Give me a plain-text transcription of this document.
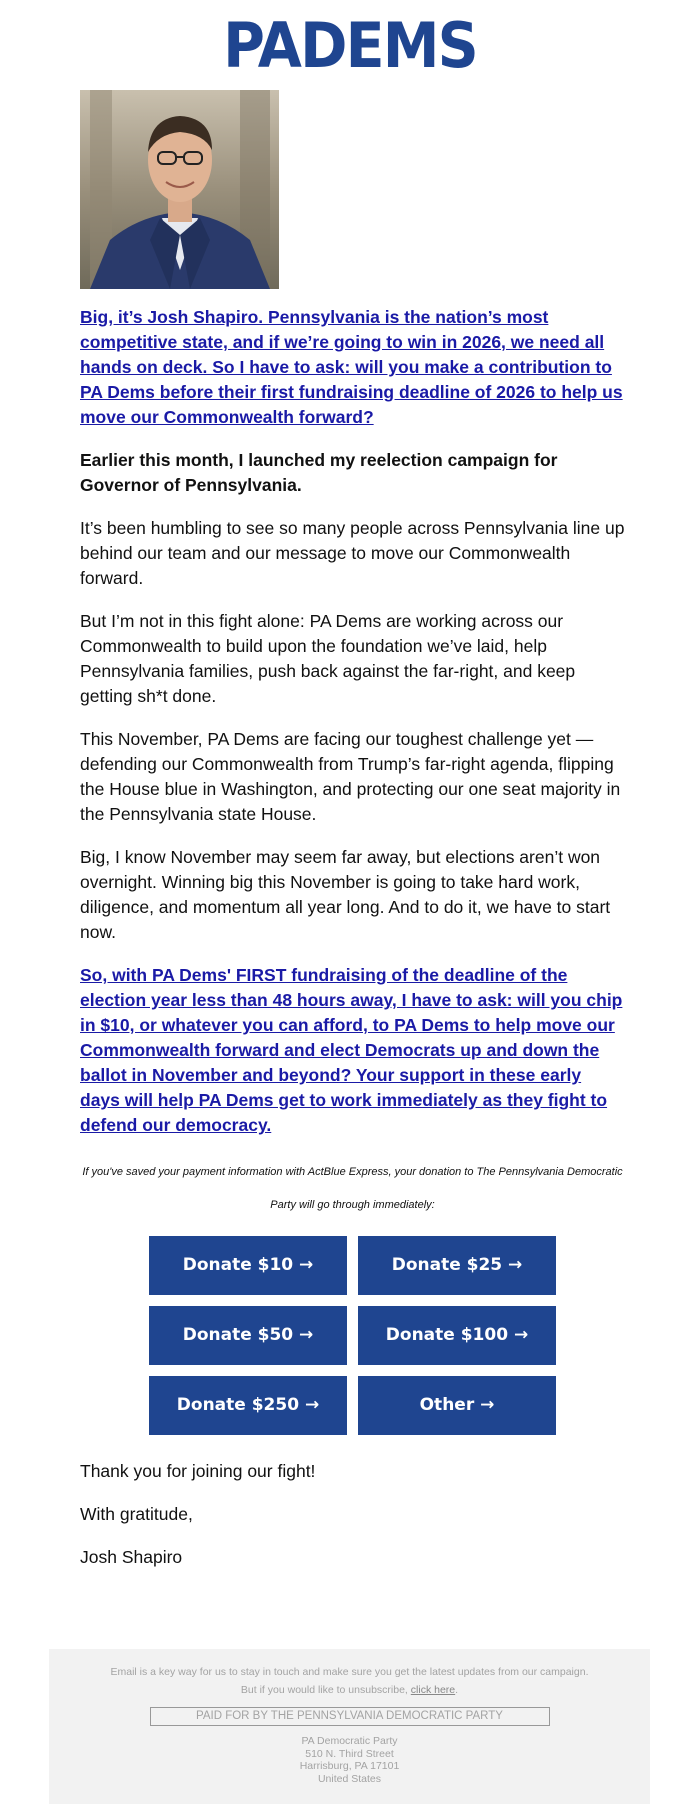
PADEMS

Big, it’s Josh Shapiro. Pennsylvania is the nation’s most competitive state, and if we’re going to win in 2026, we need all hands on deck. So I have to ask: will you make a contribution to PA Dems before their first fundraising deadline of 2026 to help us move our Commonwealth forward?

Earlier this month, I launched my reelection campaign for Governor of Pennsylvania.

It’s been humbling to see so many people across Pennsylvania line up behind our team and our message to move our Commonwealth forward.

But I’m not in this fight alone: PA Dems are working across our Commonwealth to build upon the foundation we’ve laid, help Pennsylvania families, push back against the far-right, and keep getting sh*t done.

This November, PA Dems are facing our toughest challenge yet — defending our Commonwealth from Trump’s far-right agenda, flipping the House blue in Washington, and protecting our one seat majority in the Pennsylvania state House.

Big, I know November may seem far away, but elections aren’t won overnight. Winning big this November is going to take hard work, diligence, and momentum all year long. And to do it, we have to start now.

So, with PA Dems' FIRST fundraising of the deadline of the election year less than 48 hours away, I have to ask: will you chip in $10, or whatever you can afford, to PA Dems to help move our Commonwealth forward and elect Democrats up and down the ballot in November and beyond? Your support in these early days will help PA Dems get to work immediately as they fight to defend our democracy.

If you've saved your payment information with ActBlue Express, your donation to The Pennsylvania Democratic Party will go through immediately:

Donate $10 →	Donate $25 →
Donate $50 →	Donate $100 →
Donate $250 →	Other →

Thank you for joining our fight!

With gratitude,

Josh Shapiro

Email is a key way for us to stay in touch and make sure you get the latest updates from our campaign.
But if you would like to unsubscribe, click here.
PAID FOR BY THE PENNSYLVANIA DEMOCRATIC PARTY
PA Democratic Party
510 N. Third Street
Harrisburg, PA 17101
United States
